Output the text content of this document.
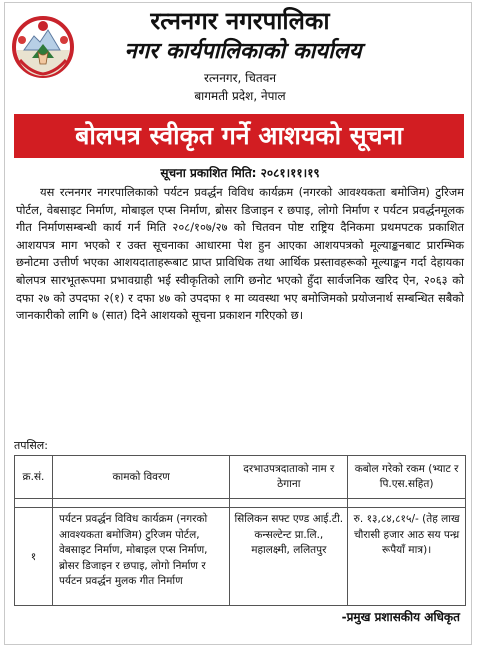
रत्ननगर नगरपालिका
नगर कार्यपालिकाको कार्यालय
रत्ननगर, चितवन
बागमती प्रदेश, नेपाल
बोलपत्र स्वीकृत गर्ने आशयको सूचना
सूचना प्रकाशित मिति: २०८१।११।१९
यस रत्ननगर नगरपालिकाको पर्यटन प्रवर्द्धन विविध कार्यक्रम (नगरको आवश्यकता बमोजिम) टुरिजम पोर्टल, वेबसाइट निर्माण, मोबाइल एप्स निर्माण, ब्रोसर डिजाइन र छपाइ, लोगो निर्माण र पर्यटन प्रवर्द्धनमूलक गीत निर्माणसम्बन्धी कार्य गर्न मिति २०८/१०७/२७ को चितवन पोष्ट राष्ट्रिय दैनिकमा प्रथमपटक प्रकाशित आशयपत्र माग भएको र उक्त सूचनाका आधारमा पेश हुन आएका आशयपत्रको मूल्याङ्कनबाट प्रारम्भिक छनोटमा उत्तीर्ण भएका आशयदाताहरूबाट प्राप्त प्राविधिक तथा आर्थिक प्रस्तावहरूको मूल्याङ्कन गर्दा देहायका बोलपत्र सारभूतरूपमा प्रभावग्राही भई स्वीकृतिको लागि छनोट भएको हुँदा सार्वजनिक खरिद ऐन, २०६३ को दफा २७ को उपदफा २(१) र दफा ४७ को उपदफा १ मा व्यवस्था भए बमोजिमको प्रयोजनार्थ सम्बन्धित सबैको जानकारीको लागि ७ (सात) दिने आशयको सूचना प्रकाशन गरिएको छ।
तपसिल:
क्र.सं.	कामको विवरण	दरभाउपत्रदाताको नाम र ठेगाना	कबोल गरेको रकम (भ्याट र पि.एस.सहित)

१	पर्यटन प्रवर्द्धन विविध कार्यक्रम (नगरको आवश्यकता बमोजिम) टुरिजम पोर्टल, वेबसाइट निर्माण, मोबाइल एप्स निर्माण, ब्रोसर डिजाइन र छपाइ, लोगो निर्माण र पर्यटन प्रवर्द्धन मुलक गीत निर्माण	सिलिकन सफ्ट एण्ड आई.टी. कन्सल्टेन्ट प्रा.लि., महालक्ष्मी, ललितपुर	रु. १३,८४,८१५/- (तेह लाख चौरासी हजार आठ सय पन्ध्र रूपैयाँ मात्र)।
-प्रमुख प्रशासकीय अधिकृत
